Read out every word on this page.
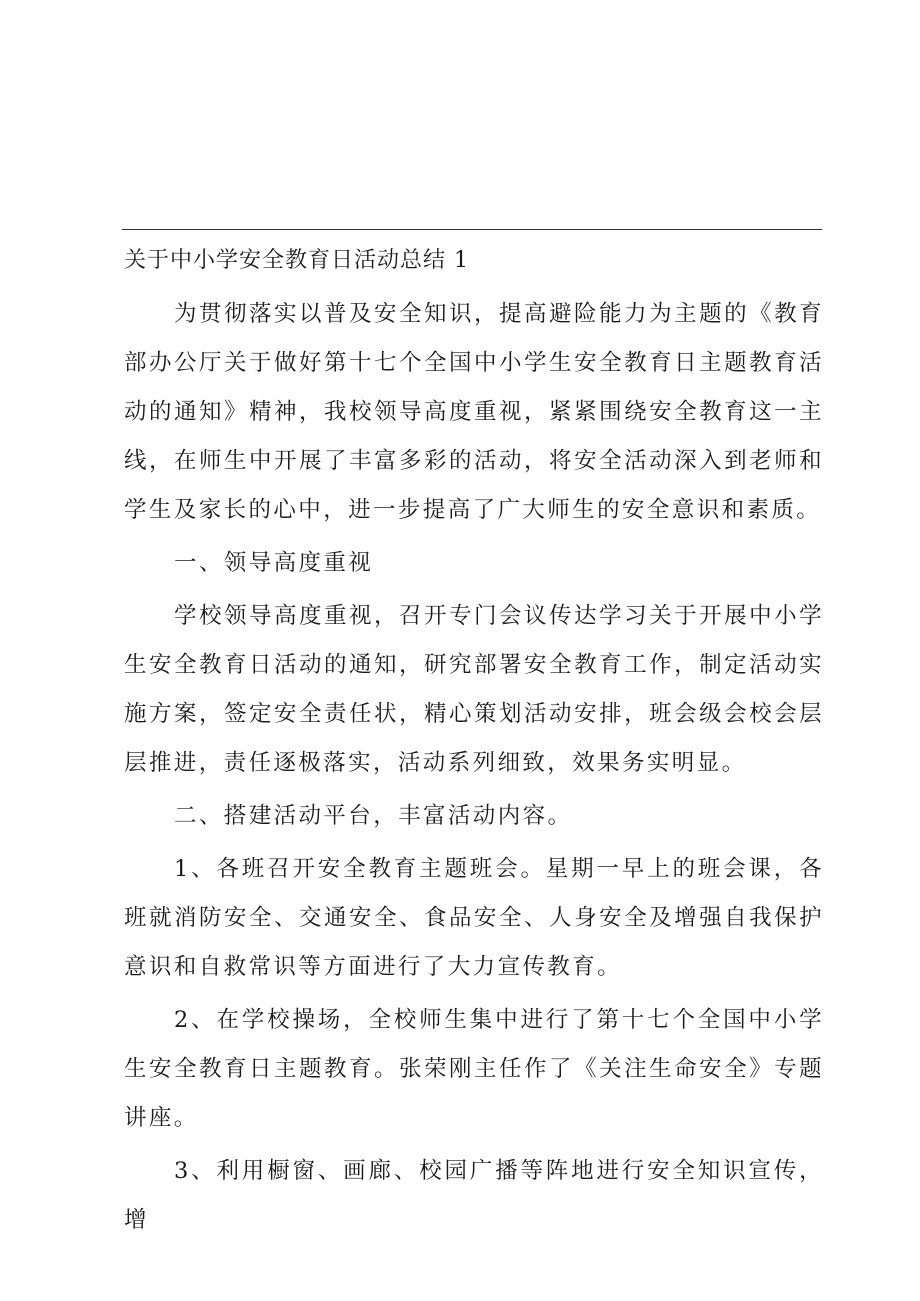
关于中小学安全教育日活动总结 1

为贯彻落实以普及安全知识，提高避险能力为主题的《教育部办公厅关于做好第十七个全国中小学生安全教育日主题教育活动的通知》精神，我校领导高度重视，紧紧围绕安全教育这一主线，在师生中开展了丰富多彩的活动，将安全活动深入到老师和学生及家长的心中，进一步提高了广大师生的安全意识和素质。

一、领导高度重视

学校领导高度重视，召开专门会议传达学习关于开展中小学生安全教育日活动的通知，研究部署安全教育工作，制定活动实施方案，签定安全责任状，精心策划活动安排，班会级会校会层层推进，责任逐极落实，活动系列细致，效果务实明显。

二、搭建活动平台，丰富活动内容。

1、各班召开安全教育主题班会。星期一早上的班会课，各班就消防安全、交通安全、食品安全、人身安全及增强自我保护意识和自救常识等方面进行了大力宣传教育。

2、在学校操场，全校师生集中进行了第十七个全国中小学生安全教育日主题教育。张荣刚主任作了《关注生命安全》专题讲座。

3、利用橱窗、画廊、校园广播等阵地进行安全知识宣传，增
